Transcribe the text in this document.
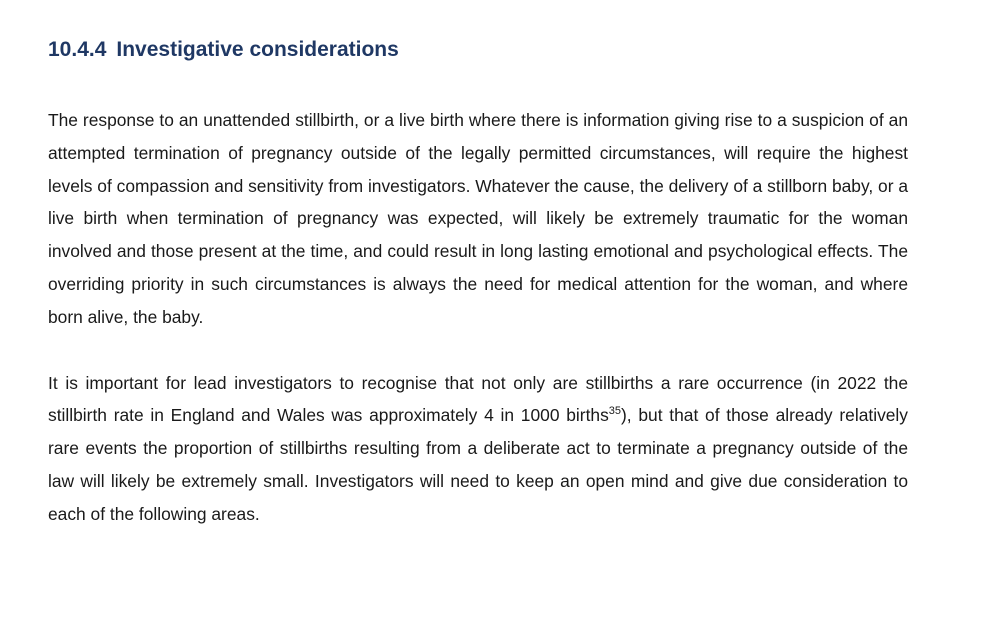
10.4.4 Investigative considerations

The response to an unattended stillbirth, or a live birth where there is information giving rise to a suspicion of an attempted termination of pregnancy outside of the legally permitted circumstances, will require the highest levels of compassion and sensitivity from investigators. Whatever the cause, the delivery of a stillborn baby, or a live birth when termination of pregnancy was expected, will likely be extremely traumatic for the woman involved and those present at the time, and could result in long lasting emotional and psychological effects. The overriding priority in such circumstances is always the need for medical attention for the woman, and where born alive, the baby.

It is important for lead investigators to recognise that not only are stillbirths a rare occurrence (in 2022 the stillbirth rate in England and Wales was approximately 4 in 1000 births$^{35}$), but that of those already relatively rare events the proportion of stillbirths resulting from a deliberate act to terminate a pregnancy outside of the law will likely be extremely small. Investigators will need to keep an open mind and give due consideration to each of the following areas.
